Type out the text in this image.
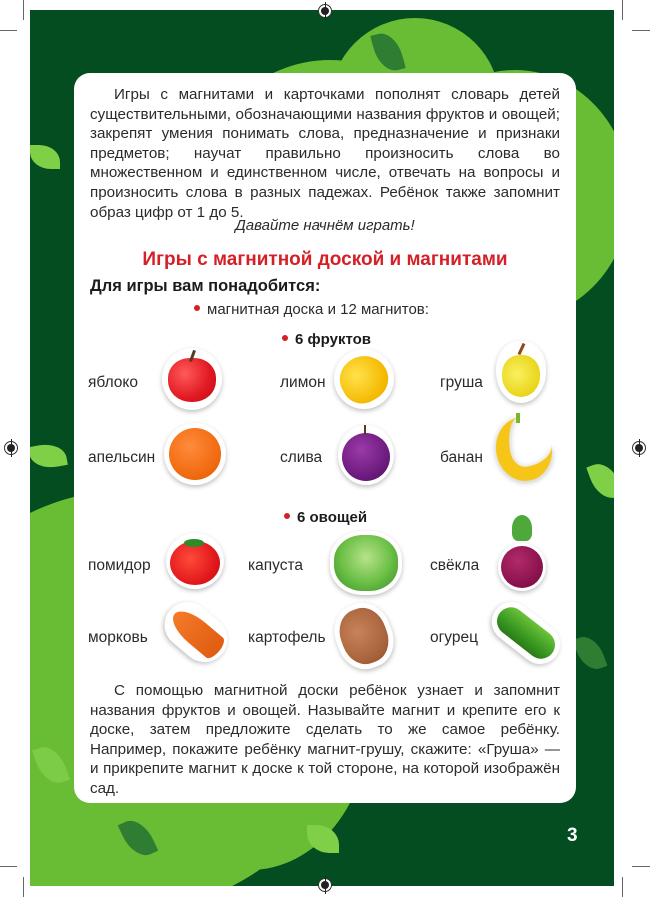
Игры с магнитами и карточками пополнят словарь детей существительными, обозначающими названия фруктов и овощей; закрепят умения понимать слова, предназначение и признаки предметов; научат правильно произносить слова во множественном и единственном числе, отвечать на вопросы и произносить слова в разных падежах. Ребёнок также запомнит образ цифр от 1 до 5.

Давайте начнём играть!
Игры с магнитной доской и магнитами
Для игры вам понадобится:
магнитная доска и 12 магнитов:
6 фруктов
яблоко	лимон	груша
апельсин	слива	банан
6 овощей
помидор	капуста	свёкла
морковь	картофель	огурец

С помощью магнитной доски ребёнок узнает и запомнит названия фруктов и овощей. Называйте магнит и крепите его к доске, затем предложите сделать то же самое ребёнку. Например, покажите ребёнку магнит-грушу, скажите: «Груша» — и прикрепите магнит к доске к той стороне, на которой изображён сад.

3
